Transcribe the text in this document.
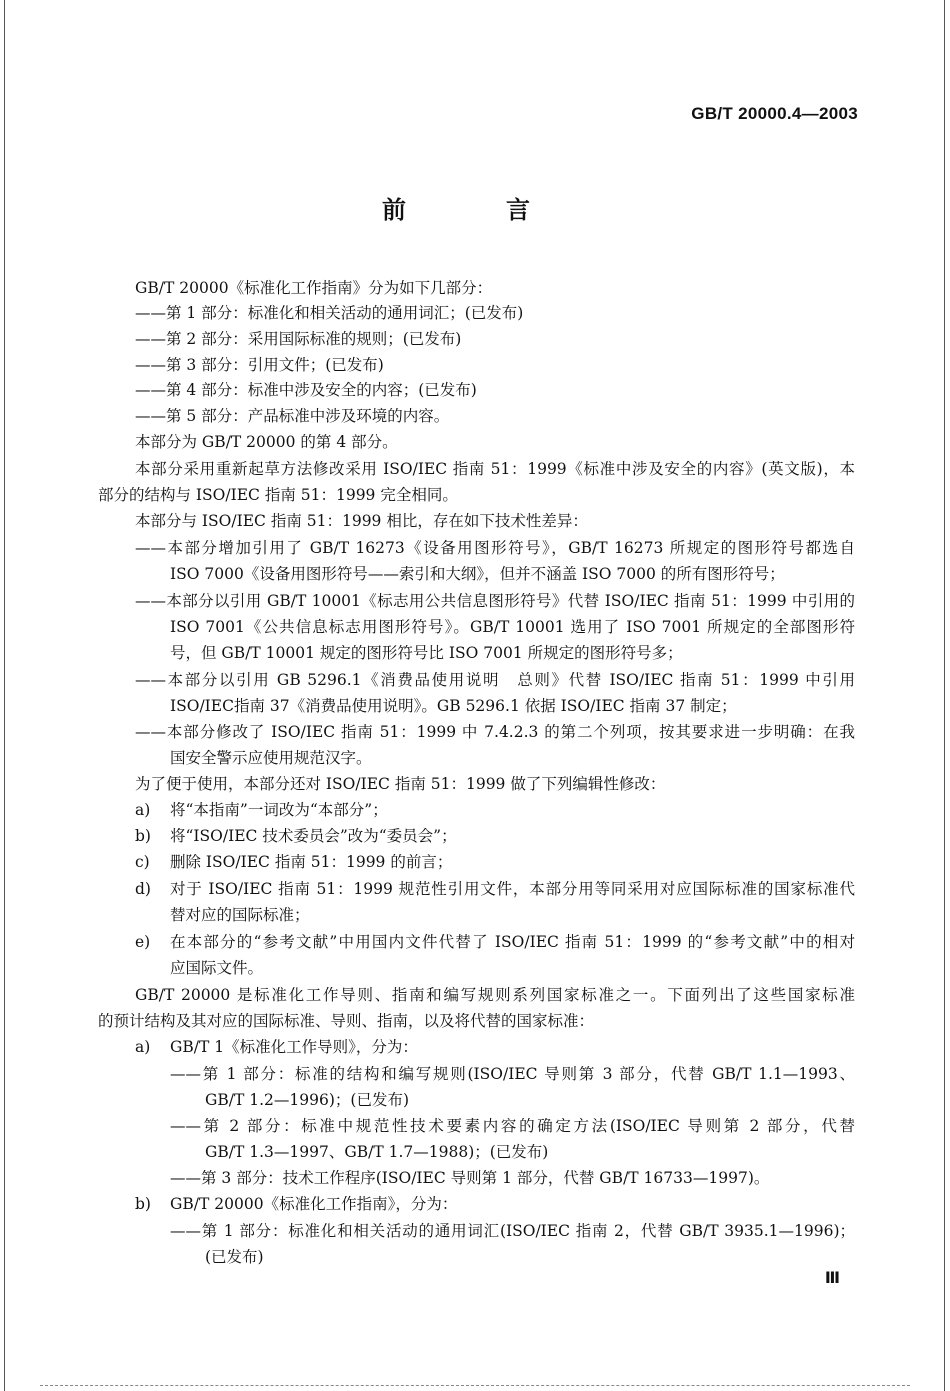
GB/T 20000.4—2003
前　言
GB/T 20000《标准化工作指南》分为如下几部分：
——第 1 部分：标准化和相关活动的通用词汇；(已发布)
——第 2 部分：采用国际标准的规则；(已发布)
——第 3 部分：引用文件；(已发布)
——第 4 部分：标准中涉及安全的内容；(已发布)
——第 5 部分：产品标准中涉及环境的内容。
本部分为 GB/T 20000 的第 4 部分。
本部分采用重新起草方法修改采用 ISO/IEC 指南 51：1999《标准中涉及安全的内容》(英文版)，本
部分的结构与 ISO/IEC 指南 51：1999 完全相同。
本部分与 ISO/IEC 指南 51：1999 相比，存在如下技术性差异：
——本部分增加引用了 GB/T 16273《设备用图形符号》，GB/T 16273 所规定的图形符号都选自
ISO 7000《设备用图形符号——索引和大纲》，但并不涵盖 ISO 7000 的所有图形符号；
——本部分以引用 GB/T 10001《标志用公共信息图形符号》代替 ISO/IEC 指南 51：1999 中引用的
ISO 7001《公共信息标志用图形符号》。GB/T 10001 选用了 ISO 7001 所规定的全部图形符
号，但 GB/T 10001 规定的图形符号比 ISO 7001 所规定的图形符号多；
——本部分以引用 GB 5296.1《消费品使用说明　总则》代替 ISO/IEC 指南 51：1999 中引用
ISO/IEC指南 37《消费品使用说明》。GB 5296.1 依据 ISO/IEC 指南 37 制定；
——本部分修改了 ISO/IEC 指南 51：1999 中 7.4.2.3 的第二个列项，按其要求进一步明确：在我
国安全警示应使用规范汉字。
为了便于使用，本部分还对 ISO/IEC 指南 51：1999 做了下列编辑性修改：
a) 将“本指南”一词改为“本部分”；
b) 将“ISO/IEC 技术委员会”改为“委员会”；
c) 删除 ISO/IEC 指南 51：1999 的前言；
d) 对于 ISO/IEC 指南 51：1999 规范性引用文件，本部分用等同采用对应国际标准的国家标准代
替对应的国际标准；
e) 在本部分的“参考文献”中用国内文件代替了 ISO/IEC 指南 51：1999 的“参考文献”中的相对
应国际文件。
GB/T 20000 是标准化工作导则、指南和编写规则系列国家标准之一。下面列出了这些国家标准
的预计结构及其对应的国际标准、导则、指南，以及将代替的国家标准：
a) GB/T 1《标准化工作导则》，分为：
——第 1 部分：标准的结构和编写规则(ISO/IEC 导则第 3 部分，代替 GB/T 1.1—1993、
GB/T 1.2—1996)；(已发布)
——第 2 部分：标准中规范性技术要素内容的确定方法(ISO/IEC 导则第 2 部分，代替
GB/T 1.3—1997、GB/T 1.7—1988)；(已发布)
——第 3 部分：技术工作程序(ISO/IEC 导则第 1 部分，代替 GB/T 16733—1997)。
b) GB/T 20000《标准化工作指南》，分为：
——第 1 部分：标准化和相关活动的通用词汇(ISO/IEC 指南 2，代替 GB/T 3935.1—1996)；
(已发布)
Ⅲ
